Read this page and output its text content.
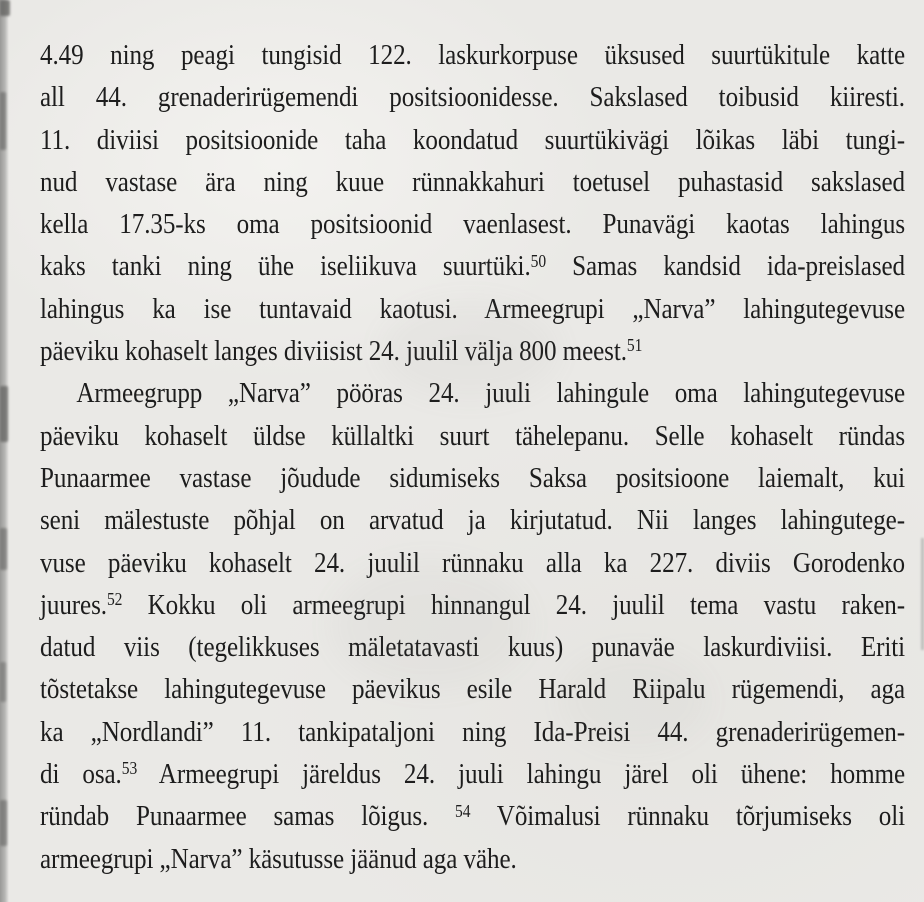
4.49 ning peagi tungisid 122. laskurkorpuse üksused suurtükitule katte
all 44. grenaderirügemendi positsioonidesse. Sakslased toibusid kiiresti.
11. diviisi positsioonide taha koondatud suurtükivägi lõikas läbi tungi-
nud vastase ära ning kuue rünnakkahuri toetusel puhastasid sakslased
kella 17.35-ks oma positsioonid vaenlasest. Punavägi kaotas lahingus
kaks tanki ning ühe iseliikuva suurtüki.$^{50}$ Samas kandsid ida-preislased
lahingus ka ise tuntavaid kaotusi. Armeegrupi „Narva” lahingutegevuse
päeviku kohaselt langes diviisist 24. juulil välja 800 meest.$^{51}$
Armeegrupp „Narva” pööras 24. juuli lahingule oma lahingutegevuse
päeviku kohaselt üldse küllaltki suurt tähelepanu. Selle kohaselt ründas
Punaarmee vastase jõudude sidumiseks Saksa positsioone laiemalt, kui
seni mälestuste põhjal on arvatud ja kirjutatud. Nii langes lahingutege-
vuse päeviku kohaselt 24. juulil rünnaku alla ka 227. diviis Gorodenko
juures.$^{52}$ Kokku oli armeegrupi hinnangul 24. juulil tema vastu raken-
datud viis (tegelikkuses mäletatavasti kuus) punaväe laskurdiviisi. Eriti
tõstetakse lahingutegevuse päevikus esile Harald Riipalu rügemendi, aga
ka „Nordlandi” 11. tankipataljoni ning Ida-Preisi 44. grenaderirügemen-
di osa.$^{53}$ Armeegrupi järeldus 24. juuli lahingu järel oli ühene: homme
ründab Punaarmee samas lõigus. $^{54}$ Võimalusi rünnaku tõrjumiseks oli
armeegrupi „Narva” käsutusse jäänud aga vähe.
